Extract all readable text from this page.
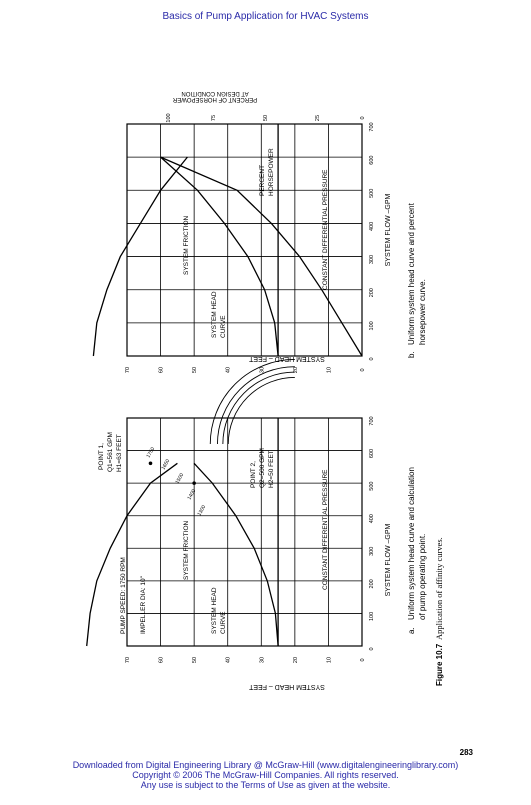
Basics of Pump Application for HVAC Systems
0
10
20
30
40
50
60
70
0
100
200
300
400
500
600
700
SYSTEM HEAD – FEET
SYSTEM FLOW –GPM
PUMP SPEED: 1750 RPM IMPELLER DIA: 10"
POINT 1, Q1=561 GPM H1=63 FEET
POINT 2, Q2=500 GPM H2=50 FEET
SYSTEM FRICTION
SYSTEM HEAD CURVE
CONSTANT DIFFERENTIAL PRESSURE
1750
1650
1500
1400
1300
a.
Uniform system head curve and calculation of pump operating point.
0
10
20
30
40
50
60
70
0
100
200
300
400
500
600
700
100	75	50	25	0
SYSTEM HEAD – FEET
SYSTEM FLOW –GPM
PERCENT OF HORSEPOWER
AT DESIGN CONDITION
SYSTEM FRICTION
SYSTEM HEAD CURVE
PERCENT HORSEPOWER	CONSTANT DIFFERENTIAL PRESSURE
b.
Uniform system head curve and percent horsepower curve.
Figure 10.7
Application of affinity curves.
283
Downloaded from Digital Engineering Library @ McGraw-Hill (www.digitalengineeringlibrary.com)
Copyright © 2006 The McGraw-Hill Companies. All rights reserved.
Any use is subject to the Terms of Use as given at the website.
